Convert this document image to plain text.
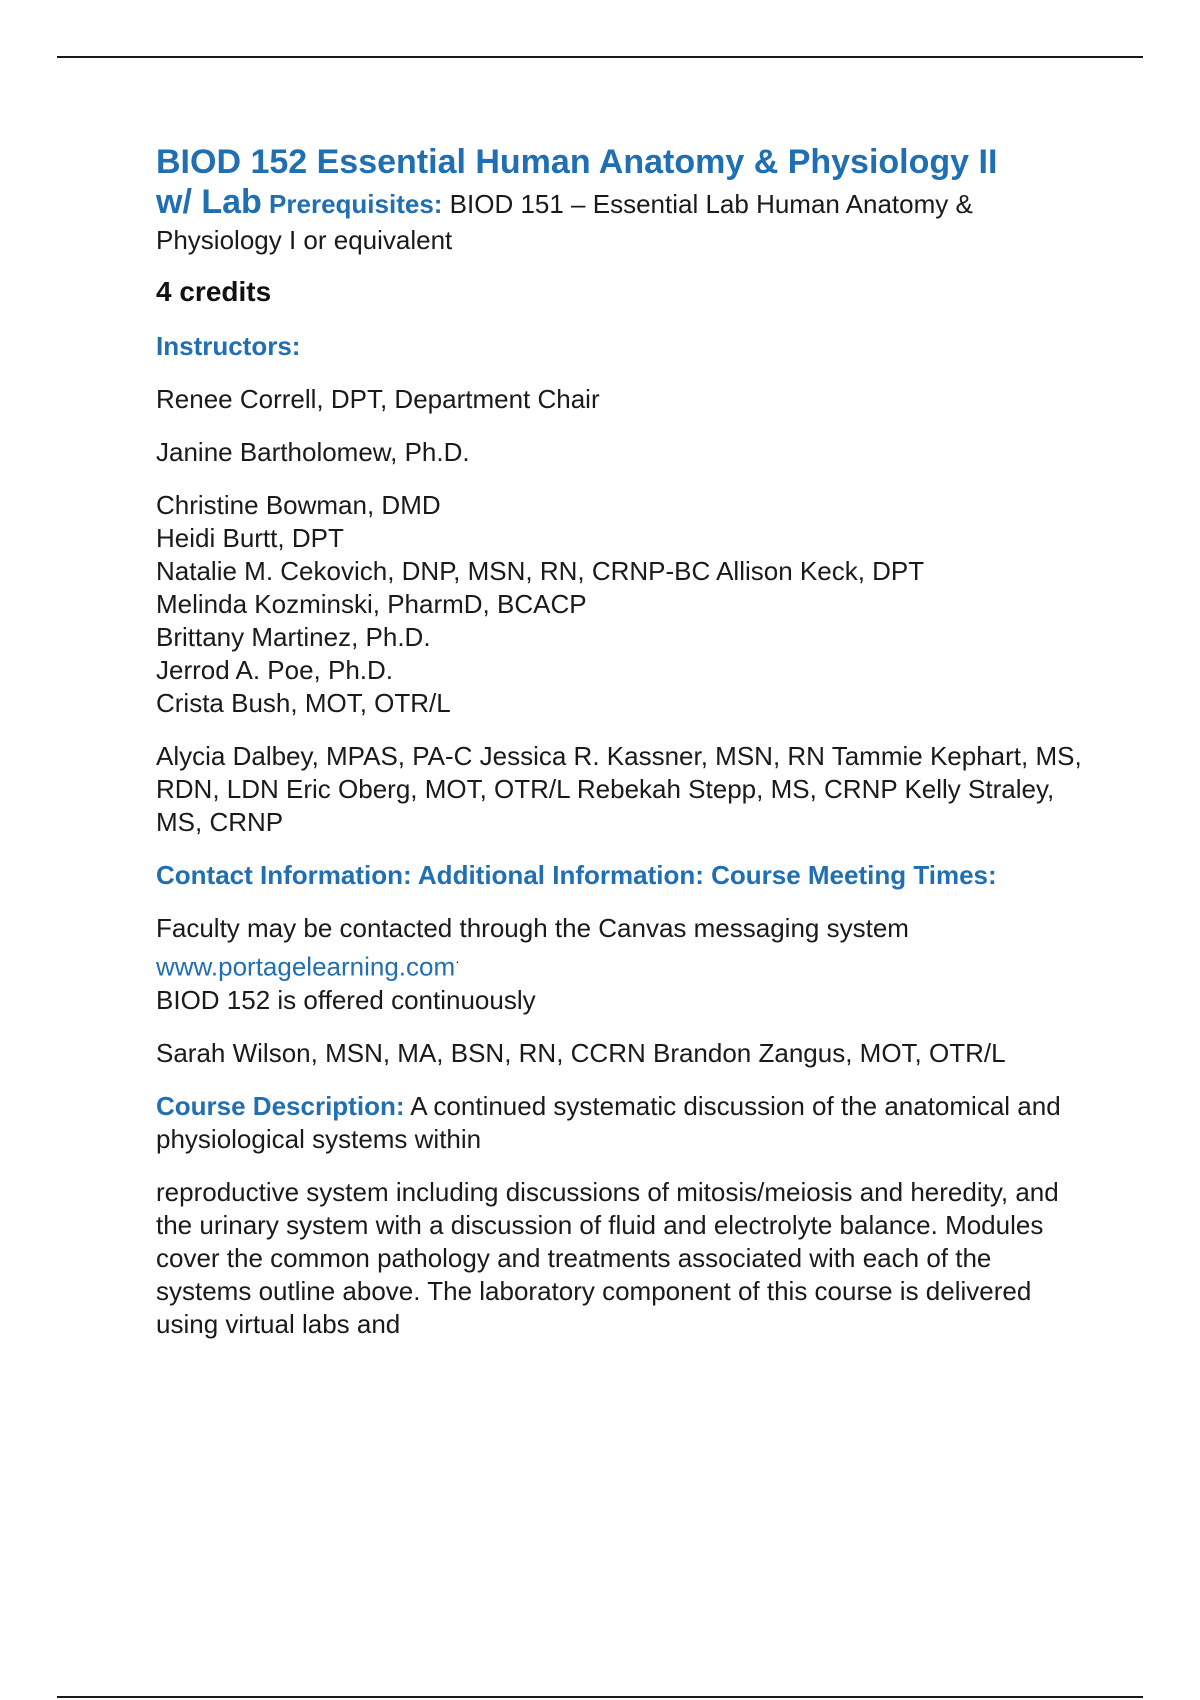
BIOD 152 Essential Human Anatomy & Physiology II

w/ Lab Prerequisites: BIOD 151 – Essential Lab Human Anatomy & Physiology I or equivalent

4 credits

Instructors:

Renee Correll, DPT, Department Chair

Janine Bartholomew, Ph.D.

Christine Bowman, DMD
Heidi Burtt, DPT
Natalie M. Cekovich, DNP, MSN, RN, CRNP-BC Allison Keck, DPT
Melinda Kozminski, PharmD, BCACP
Brittany Martinez, Ph.D.
Jerrod A. Poe, Ph.D.
Crista Bush, MOT, OTR/L

Alycia Dalbey, MPAS, PA-C Jessica R. Kassner, MSN, RN Tammie Kephart, MS, RDN, LDN Eric Oberg, MOT, OTR/L Rebekah Stepp, MS, CRNP Kelly Straley, MS, CRNP

Contact Information: Additional Information: Course Meeting Times:

Faculty may be contacted through the Canvas messaging system
www.portagelearning.com·
BIOD 152 is offered continuously

Sarah Wilson, MSN, MA, BSN, RN, CCRN Brandon Zangus, MOT, OTR/L

Course Description: A continued systematic discussion of the anatomical and physiological systems within

reproductive system including discussions of mitosis/meiosis and heredity, and the urinary system with a discussion of fluid and electrolyte balance. Modules cover the common pathology and treatments associated with each of the systems outline above. The laboratory component of this course is delivered using virtual labs and
